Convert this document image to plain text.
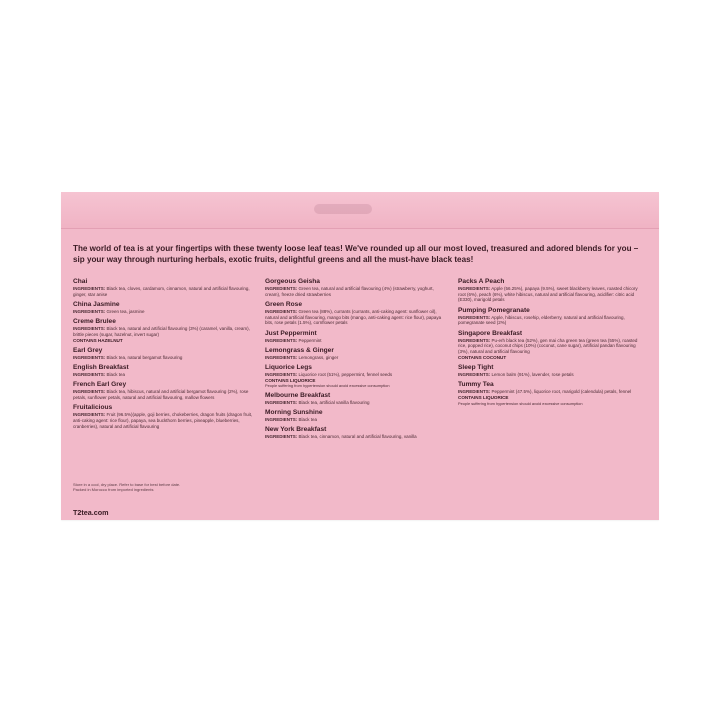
The world of tea is at your fingertips with these twenty loose leaf teas! We've rounded up all our most loved, treasured and adored blends for you – sip your way through nurturing herbals, exotic fruits, delightful greens and all the must-have black teas!

Chai
INGREDIENTS: Black tea, cloves, cardamom, cinnamon, natural and artificial flavouring, ginger, star anise
China Jasmine
INGREDIENTS: Green tea, jasmine
Creme Brulee
INGREDIENTS: Black tea, natural and artificial flavouring (3%) (caramel, vanilla, cream), brittle pieces (sugar, hazelnut, invert sugar)
CONTAINS HAZELNUT
Earl Grey
INGREDIENTS: Black tea, natural bergamot flavouring
English Breakfast
INGREDIENTS: Black tea
French Earl Grey
INGREDIENTS: Black tea, hibiscus, natural and artificial bergamot flavouring (2%), rose petals, sunflower petals, natural and artificial flavouring, mallow flowers
Fruitalicious
INGREDIENTS: Fruit (96.5%)(apple, goji berries, chokeberries, dragon fruits (dragon fruit, anti-caking agent: rice flour), papaya, sea buckthorn berries, pineapple, blueberries, cranberries), natural and artificial flavouring
Gorgeous Geisha
INGREDIENTS: Green tea, natural and artificial flavouring (4%) (strawberry, yoghurt, cream), freeze dried strawberries
Green Rose
INGREDIENTS: Green tea (88%), currants (currants, anti-caking agent: sunflower oil), natural and artificial flavouring, mango bits (mango, anti-caking agent: rice flour), papaya bits, rose petals (1.5%), cornflower petals
Just Peppermint
INGREDIENTS: Peppermint
Lemongrass & Ginger
INGREDIENTS: Lemongrass, ginger
Liquorice Legs
INGREDIENTS: Liquorice root (51%), peppermint, fennel seeds
CONTAINS LIQUORICE
People suffering from hypertension should avoid excessive consumption
Melbourne Breakfast
INGREDIENTS: Black tea, artificial vanilla flavouring
Morning Sunshine
INGREDIENTS: Black tea
New York Breakfast
INGREDIENTS: Black tea, cinnamon, natural and artificial flavouring, vanilla
Packs A Peach
INGREDIENTS: Apple (56.25%), papaya (9.5%), sweet blackberry leaves, roasted chicory root (6%), peach (6%), white hibiscus, natural and artificial flavouring, acidifier: citric acid (E330), marigold petals
Pumping Pomegranate
INGREDIENTS: Apple, hibiscus, rosehip, elderberry, natural and artificial flavouring, pomegranate seed (2%)
Singapore Breakfast
INGREDIENTS: Pu-erh black tea (52%), gen mai cha green tea (green tea (55%), roasted rice, popped rice), coconut chips (10%) (coconut, cane sugar), artificial pandan flavouring (3%), natural and artificial flavouring
CONTAINS COCONUT
Sleep Tight
INGREDIENTS: Lemon balm (91%), lavender, rose petals
Tummy Tea
INGREDIENTS: Peppermint (47.5%), liquorice root, marigold (calendula) petals, fennel
CONTAINS LIQUORICE
People suffering from hypertension should avoid excessive consumption
Store in a cool, dry place. Refer to base for best before date.
Packed in Morocco from imported ingredients
T2tea.com
